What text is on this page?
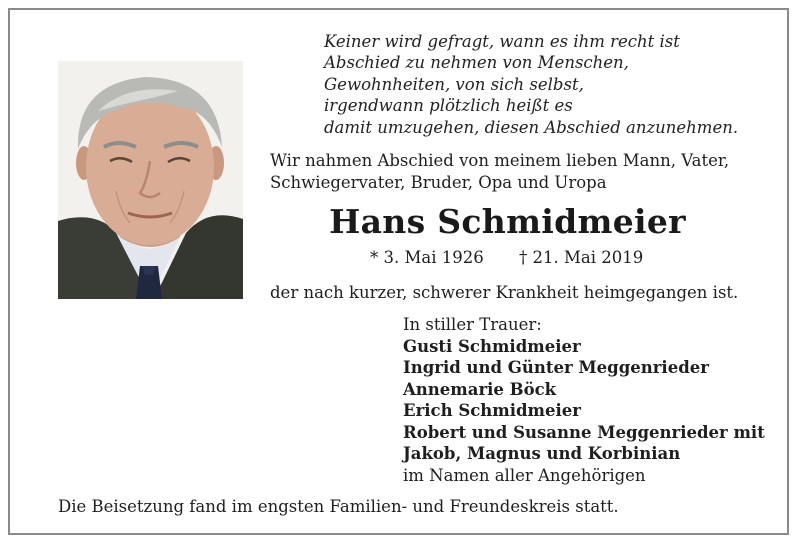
Keiner wird gefragt, wann es ihm recht ist
Abschied zu nehmen von Menschen,
Gewohnheiten, von sich selbst,
irgendwann plötzlich heißt es
damit umzugehen, diesen Abschied anzunehmen.
Wir nahmen Abschied von meinem lieben Mann, Vater,
Schwiegervater, Bruder, Opa und Uropa
Hans Schmidmeier
* 3. Mai 1926 † 21. Mai 2019
der nach kurzer, schwerer Krankheit heimgegangen ist.
In stiller Trauer:
Gusti Schmidmeier
Ingrid und Günter Meggenrieder
Annemarie Böck
Erich Schmidmeier
Robert und Susanne Meggenrieder mit
Jakob, Magnus und Korbinian
im Namen aller Angehörigen
Die Beisetzung fand im engsten Familien- und Freundeskreis statt.
